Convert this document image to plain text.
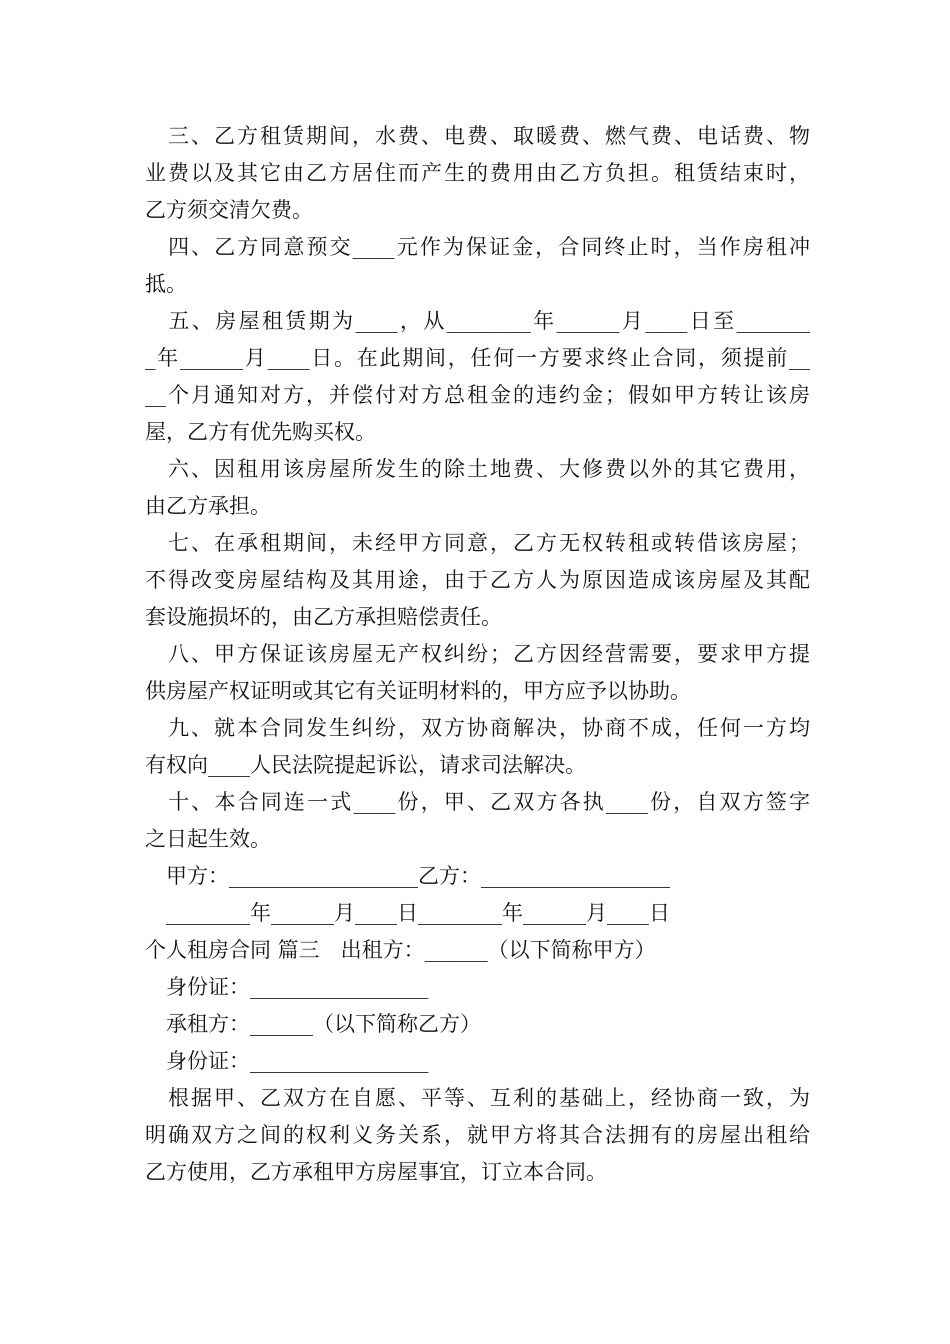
　三、乙方租赁期间，水费、电费、取暖费、燃气费、电话费、物

业费以及其它由乙方居住而产生的费用由乙方负担。租赁结束时，

乙方须交清欠费。

　四、乙方同意预交____元作为保证金，合同终止时，当作房租冲

抵。

　五、房屋租赁期为____，从________年______月____日至_______

_年______月____日。在此期间，任何一方要求终止合同，须提前__

__个月通知对方，并偿付对方总租金的违约金；假如甲方转让该房

屋，乙方有优先购买权。

　六、因租用该房屋所发生的除土地费、大修费以外的其它费用，

由乙方承担。

　七、在承租期间，未经甲方同意，乙方无权转租或转借该房屋；

不得改变房屋结构及其用途，由于乙方人为原因造成该房屋及其配

套设施损坏的，由乙方承担赔偿责任。

　八、甲方保证该房屋无产权纠纷；乙方因经营需要，要求甲方提

供房屋产权证明或其它有关证明材料的，甲方应予以协助。

　九、就本合同发生纠纷，双方协商解决，协商不成，任何一方均

有权向____人民法院提起诉讼，请求司法解决。

　十、本合同连一式____份，甲、乙双方各执____份，自双方签字

之日起生效。

　甲方：__________________乙方：__________________

　________年______月____日________年______月____日

个人租房合同 篇三　出租方：______（以下简称甲方）

　身份证：_________________

　承租方：______（以下简称乙方）

　身份证：_________________

　根据甲、乙双方在自愿、平等、互利的基础上，经协商一致，为

明确双方之间的权利义务关系，就甲方将其合法拥有的房屋出租给

乙方使用，乙方承租甲方房屋事宜，订立本合同。
